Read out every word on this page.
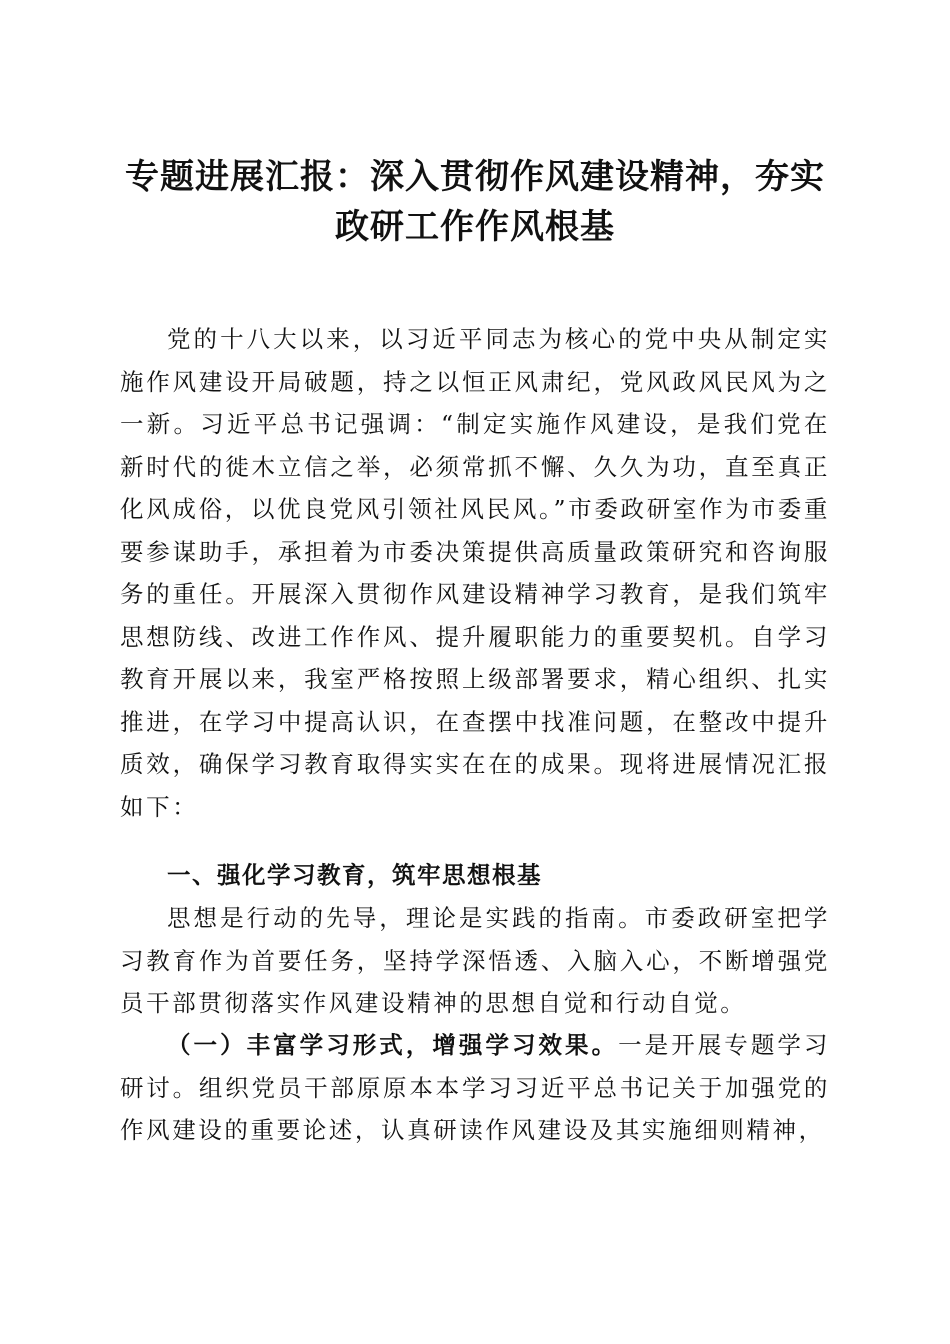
专题进展汇报：深入贯彻作风建设精神，夯实
政研工作作风根基

党的十八大以来，以习近平同志为核心的党中央从制定实施作风建设开局破题，持之以恒正风肃纪，党风政风民风为之一新。习近平总书记强调：“制定实施作风建设，是我们党在新时代的徙木立信之举，必须常抓不懈、久久为功，直至真正化风成俗，以优良党风引领社风民风。”市委政研室作为市委重要参谋助手，承担着为市委决策提供高质量政策研究和咨询服务的重任。开展深入贯彻作风建设精神学习教育，是我们筑牢思想防线、改进工作作风、提升履职能力的重要契机。自学习教育开展以来，我室严格按照上级部署要求，精心组织、扎实推进，在学习中提高认识，在查摆中找准问题，在整改中提升质效，确保学习教育取得实实在在的成果。现将进展情况汇报如下：

一、强化学习教育，筑牢思想根基

思想是行动的先导，理论是实践的指南。市委政研室把学习教育作为首要任务，坚持学深悟透、入脑入心，不断增强党员干部贯彻落实作风建设精神的思想自觉和行动自觉。

（一）丰富学习形式，增强学习效果。一是开展专题学习研讨。组织党员干部原原本本学习习近平总书记关于加强党的作风建设的重要论述，认真研读作风建设及其实施细则精神，
